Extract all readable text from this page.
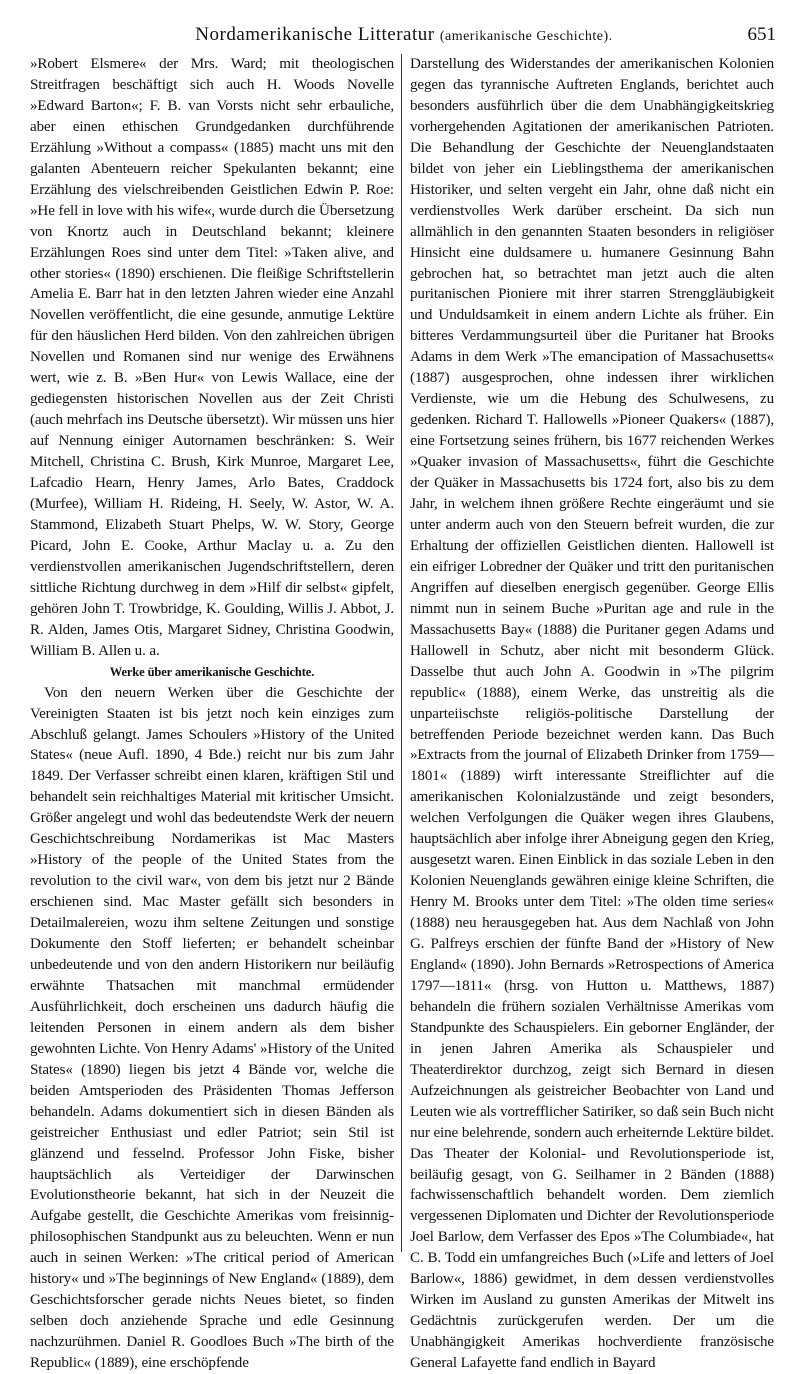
Nordamerikanische Litteratur (amerikanische Geschichte).	651

»Robert Elsmere« der Mrs. Ward; mit theologischen Streitfragen beschäftigt sich auch H. Woods Novelle »Edward Barton«; F. B. van Vorsts nicht sehr erbauliche, aber einen ethischen Grundgedanken durchführende Erzählung »Without a compass« (1885) macht uns mit den galanten Abenteuern reicher Spekulanten bekannt; eine Erzählung des vielschreibenden Geistlichen Edwin P. Roe: »He fell in love with his wife«, wurde durch die Übersetzung von Knortz auch in Deutschland bekannt; kleinere Erzählungen Roes sind unter dem Titel: »Taken alive, and other stories« (1890) erschienen. Die fleißige Schriftstellerin Amelia E. Barr hat in den letzten Jahren wieder eine Anzahl Novellen veröffentlicht, die eine gesunde, anmutige Lektüre für den häuslichen Herd bilden. Von den zahlreichen übrigen Novellen und Romanen sind nur wenige des Erwähnens wert, wie z. B. »Ben Hur« von Lewis Wallace, eine der gediegensten historischen Novellen aus der Zeit Christi (auch mehrfach ins Deutsche übersetzt). Wir müssen uns hier auf Nennung einiger Autornamen beschränken: S. Weir Mitchell, Christina C. Brush, Kirk Munroe, Margaret Lee, Lafcadio Hearn, Henry James, Arlo Bates, Craddock (Murfee), William H. Rideing, H. Seely, W. Astor, W. A. Stammond, Elizabeth Stuart Phelps, W. W. Story, George Picard, John E. Cooke, Arthur Maclay u. a. Zu den verdienstvollen amerikanischen Jugendschriftstellern, deren sittliche Richtung durchweg in dem »Hilf dir selbst« gipfelt, gehören John T. Trowbridge, K. Goulding, Willis J. Abbot, J. R. Alden, James Otis, Margaret Sidney, Christina Goodwin, William B. Allen u. a.

Werke über amerikanische Geschichte.

Von den neuern Werken über die Geschichte der Vereinigten Staaten ist bis jetzt noch kein einziges zum Abschluß gelangt. James Schoulers »History of the United States« (neue Aufl. 1890, 4 Bde.) reicht nur bis zum Jahr 1849. Der Verfasser schreibt einen klaren, kräftigen Stil und behandelt sein reichhaltiges Material mit kritischer Umsicht. Größer angelegt und wohl das bedeutendste Werk der neuern Geschichtschreibung Nordamerikas ist Mac Masters »History of the people of the United States from the revolution to the civil war«, von dem bis jetzt nur 2 Bände erschienen sind. Mac Master gefällt sich besonders in Detailmalereien, wozu ihm seltene Zeitungen und sonstige Dokumente den Stoff lieferten; er behandelt scheinbar unbedeutende und von den andern Historikern nur beiläufig erwähnte Thatsachen mit manchmal ermüdender Ausführlichkeit, doch erscheinen uns dadurch häufig die leitenden Personen in einem andern als dem bisher gewohnten Lichte. Von Henry Adams' »History of the United States« (1890) liegen bis jetzt 4 Bände vor, welche die beiden Amtsperioden des Präsidenten Thomas Jefferson behandeln. Adams dokumentiert sich in diesen Bänden als geistreicher Enthusiast und edler Patriot; sein Stil ist glänzend und fesselnd. Professor John Fiske, bisher hauptsächlich als Verteidiger der Darwinschen Evolutionstheorie bekannt, hat sich in der Neuzeit die Aufgabe gestellt, die Geschichte Amerikas vom freisinnig-philosophischen Standpunkt aus zu beleuchten. Wenn er nun auch in seinen Werken: »The critical period of American history« und »The beginnings of New England« (1889), dem Geschichtsforscher gerade nichts Neues bietet, so finden selben doch anziehende Sprache und edle Gesinnung nachzurühmen. Daniel R. Goodloes Buch »The birth of the Republic« (1889), eine erschöpfende

Darstellung des Widerstandes der amerikanischen Kolonien gegen das tyrannische Auftreten Englands, berichtet auch besonders ausführlich über die dem Unabhängigkeitskrieg vorhergehenden Agitationen der amerikanischen Patrioten. Die Behandlung der Geschichte der Neuenglandstaaten bildet von jeher ein Lieblingsthema der amerikanischen Historiker, und selten vergeht ein Jahr, ohne daß nicht ein verdienstvolles Werk darüber erscheint. Da sich nun allmählich in den genannten Staaten besonders in religiöser Hinsicht eine duldsamere u. humanere Gesinnung Bahn gebrochen hat, so betrachtet man jetzt auch die alten puritanischen Pioniere mit ihrer starren Strenggläubigkeit und Unduldsamkeit in einem andern Lichte als früher. Ein bitteres Verdammungsurteil über die Puritaner hat Brooks Adams in dem Werk »The emancipation of Massachusetts« (1887) ausgesprochen, ohne indessen ihrer wirklichen Verdienste, wie um die Hebung des Schulwesens, zu gedenken. Richard T. Hallowells »Pioneer Quakers« (1887), eine Fortsetzung seines frühern, bis 1677 reichenden Werkes »Quaker invasion of Massachusetts«, führt die Geschichte der Quäker in Massachusetts bis 1724 fort, also bis zu dem Jahr, in welchem ihnen größere Rechte eingeräumt und sie unter anderm auch von den Steuern befreit wurden, die zur Erhaltung der offiziellen Geistlichen dienten. Hallowell ist ein eifriger Lobredner der Quäker und tritt den puritanischen Angriffen auf dieselben energisch gegenüber. George Ellis nimmt nun in seinem Buche »Puritan age and rule in the Massachusetts Bay« (1888) die Puritaner gegen Adams und Hallowell in Schutz, aber nicht mit besonderm Glück. Dasselbe thut auch John A. Goodwin in »The pilgrim republic« (1888), einem Werke, das unstreitig als die unparteiischste religiös-politische Darstellung der betreffenden Periode bezeichnet werden kann. Das Buch »Extracts from the journal of Elizabeth Drinker from 1759—1801« (1889) wirft interessante Streiflichter auf die amerikanischen Kolonialzustände und zeigt besonders, welchen Verfolgungen die Quäker wegen ihres Glaubens, hauptsächlich aber infolge ihrer Abneigung gegen den Krieg, ausgesetzt waren. Einen Einblick in das soziale Leben in den Kolonien Neuenglands gewähren einige kleine Schriften, die Henry M. Brooks unter dem Titel: »The olden time series« (1888) neu herausgegeben hat. Aus dem Nachlaß von John G. Palfreys erschien der fünfte Band der »History of New England« (1890). John Bernards »Retrospections of America 1797—1811« (hrsg. von Hutton u. Matthews, 1887) behandeln die frühern sozialen Verhältnisse Amerikas vom Standpunkte des Schauspielers. Ein geborner Engländer, der in jenen Jahren Amerika als Schauspieler und Theaterdirektor durchzog, zeigt sich Bernard in diesen Aufzeichnungen als geistreicher Beobachter von Land und Leuten wie als vortrefflicher Satiriker, so daß sein Buch nicht nur eine belehrende, sondern auch erheiternde Lektüre bildet. Das Theater der Kolonial- und Revolutionsperiode ist, beiläufig gesagt, von G. Seilhamer in 2 Bänden (1888) fachwissenschaftlich behandelt worden. Dem ziemlich vergessenen Diplomaten und Dichter der Revolutionsperiode Joel Barlow, dem Verfasser des Epos »The Columbiade«, hat C. B. Todd ein umfangreiches Buch (»Life and letters of Joel Barlow«, 1886) gewidmet, in dem dessen verdienstvolles Wirken im Ausland zu gunsten Amerikas der Mitwelt ins Gedächtnis zurückgerufen werden. Der um die Unabhängigkeit Amerikas hochverdiente französische General Lafayette fand endlich in Bayard
